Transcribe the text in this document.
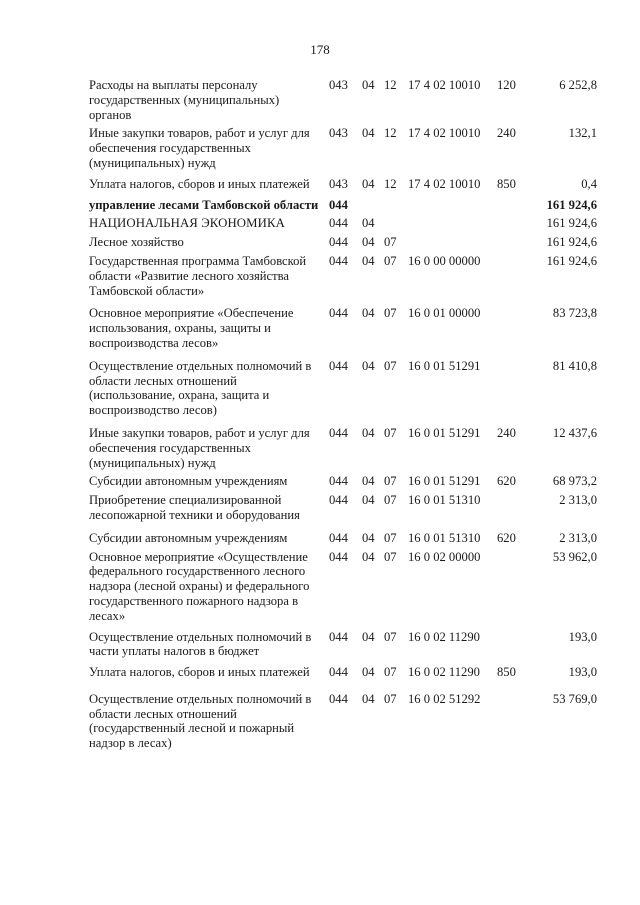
178
Расходы на выплаты персоналу государственных (муниципальных) органов
043 04 12 17 4 02 10010 120	6 252,8
Иные закупки товаров, работ и услуг для обеспечения государственных (муниципальных) нужд
043 04 12 17 4 02 10010 240	132,1
Уплата налогов, сборов и иных платежей	043 04 12 17 4 02 10010 850	0,4
управление лесами Тамбовской области 044	161 924,6
НАЦИОНАЛЬНАЯ ЭКОНОМИКА	044 04	161 924,6
Лесное хозяйство	044 04 07	161 924,6
Государственная программа Тамбовской области «Развитие лесного хозяйства Тамбовской области»
044 04 07 16 0 00 00000	161 924,6
Основное мероприятие «Обеспечение использования, охраны, защиты и воспроизводства лесов»
044 04 07 16 0 01 00000	83 723,8
Осуществление отдельных полномочий в области лесных отношений (использование, охрана, защита и воспроизводство лесов)
044 04 07 16 0 01 51291	81 410,8
Иные закупки товаров, работ и услуг для обеспечения государственных (муниципальных) нужд
044 04 07 16 0 01 51291 240	12 437,6
Субсидии автономным учреждениям	044 04 07 16 0 01 51291 620	68 973,2
Приобретение специализированной лесопожарной техники и оборудования
044 04 07 16 0 01 51310	2 313,0
Субсидии автономным учреждениям	044 04 07 16 0 01 51310 620	2 313,0
Основное мероприятие «Осуществление федерального государственного лесного надзора (лесной охраны) и федерального государственного пожарного надзора в лесах»
044 04 07 16 0 02 00000	53 962,0
Осуществление отдельных полномочий в части уплаты налогов в бюджет
044 04 07 16 0 02 11290	193,0
Уплата налогов, сборов и иных платежей	044 04 07 16 0 02 11290 850	193,0
Осуществление отдельных полномочий в области лесных отношений (государственный лесной и пожарный надзор в лесах)
044 04 07 16 0 02 51292	53 769,0
